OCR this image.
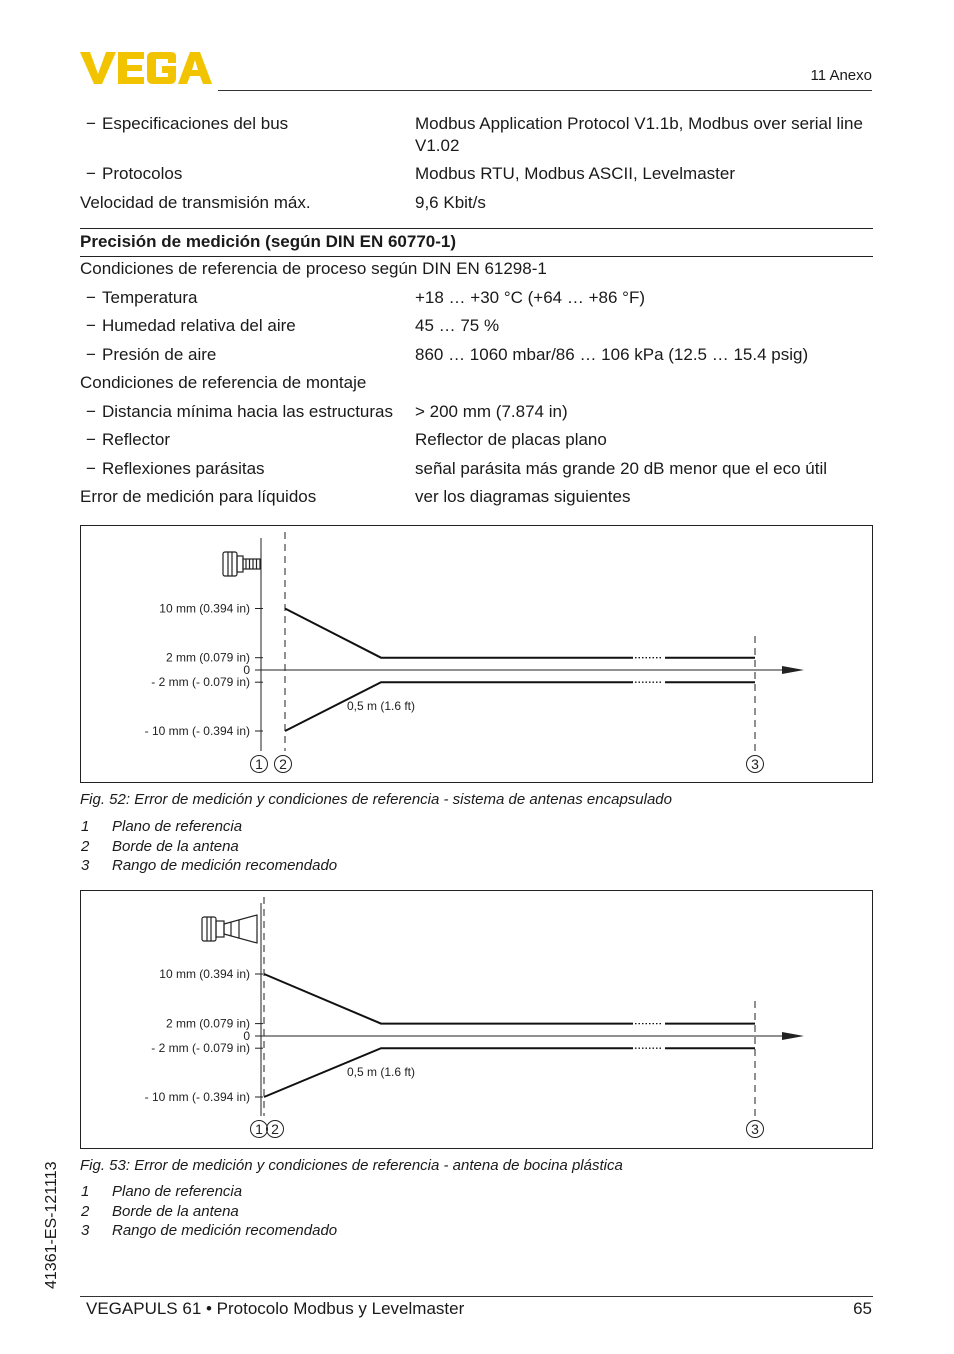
11 Anexo
− Especificaciones del bus	Modbus Application Protocol V1.1b, Modbus over serial line V1.02
− Protocolos	Modbus RTU, Modbus ASCII, Levelmaster
Velocidad de transmisión máx.	9,6 Kbit/s
Precisión de medición (según DIN EN 60770-1)
Condiciones de referencia de proceso según DIN EN 61298-1
− Temperatura	+18 … +30 °C (+64 … +86 °F)
− Humedad relativa del aire	45 … 75 %
− Presión de aire	860 … 1060 mbar/86 … 106 kPa (12.5 … 15.4 psig)
Condiciones de referencia de montaje
− Distancia mínima hacia las estructuras > 200 mm (7.874 in)
− Reflector	Reflector de placas plano
− Reflexiones parásitas	señal parásita más grande 20 dB menor que el eco útil
Error de medición para líquidos	ver los diagramas siguientes
10 mm (0.394 in)
2 mm (0.079 in)
0
- 2 mm (- 0.079 in)
- 10 mm (- 0.394 in)
0,5 m (1.6 ft)
1 2	3
Fig. 52: Error de medición y condiciones de referencia - sistema de antenas encapsulado
1 Plano de referencia
2 Borde de la antena
3 Rango de medición recomendado
10 mm (0.394 in)
2 mm (0.079 in)
0
- 2 mm (- 0.079 in)
- 10 mm (- 0.394 in)
0,5 m (1.6 ft)
1 2	3
Fig. 53: Error de medición y condiciones de referencia - antena de bocina plástica
1 Plano de referencia
2 Borde de la antena
3 Rango de medición recomendado
41361-ES-121113
VEGAPULS 61 • Protocolo Modbus y Levelmaster	65
